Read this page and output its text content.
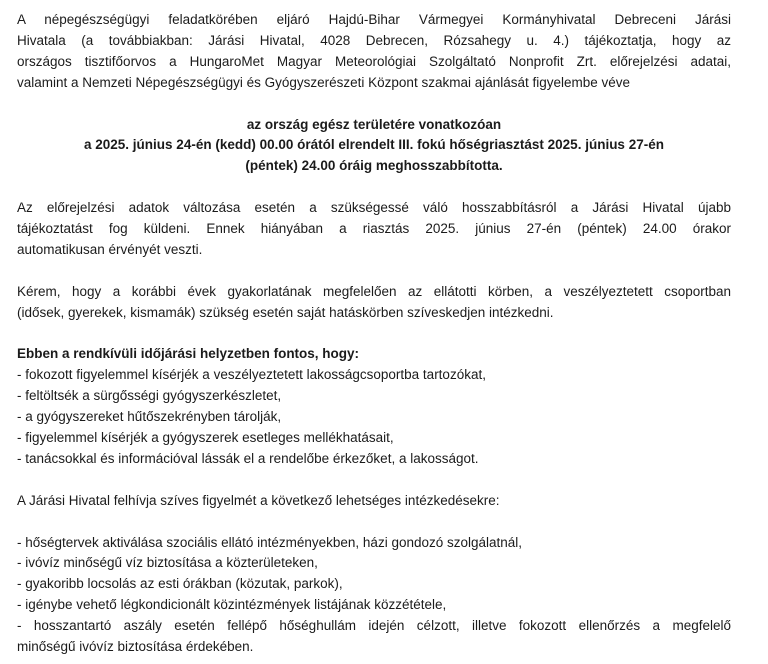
A népegészségügyi feladatkörében eljáró Hajdú-Bihar Vármegyei Kormányhivatal Debreceni Járási
Hivatala (a továbbiakban: Járási Hivatal, 4028 Debrecen, Rózsahegy u. 4.) tájékoztatja, hogy az
országos tisztifőorvos a HungaroMet Magyar Meteorológiai Szolgáltató Nonprofit Zrt. előrejelzési adatai,
valamint a Nemzeti Népegészségügyi és Gyógyszerészeti Központ szakmai ajánlását figyelembe véve
az ország egész területére vonatkozóan
a 2025. június 24-én (kedd) 00.00 órától elrendelt III. fokú hőségriasztást 2025. június 27-én
(péntek) 24.00 óráig meghosszabbította.
Az előrejelzési adatok változása esetén a szükségessé váló hosszabbításról a Járási Hivatal újabb
tájékoztatást fog küldeni. Ennek hiányában a riasztás 2025. június 27-én (péntek) 24.00 órakor
automatikusan érvényét veszti.
Kérem, hogy a korábbi évek gyakorlatának megfelelően az ellátotti körben, a veszélyeztetett csoportban
(idősek, gyerekek, kismamák) szükség esetén saját hatáskörben szíveskedjen intézkedni.
Ebben a rendkívüli időjárási helyzetben fontos, hogy:
- fokozott figyelemmel kísérjék a veszélyeztetett lakosságcsoportba tartozókat,
- feltöltsék a sürgősségi gyógyszerkészletet,
- a gyógyszereket hűtőszekrényben tárolják,
- figyelemmel kísérjék a gyógyszerek esetleges mellékhatásait,
- tanácsokkal és információval lássák el a rendelőbe érkezőket, a lakosságot.
A Járási Hivatal felhívja szíves figyelmét a következő lehetséges intézkedésekre:
- hőségtervek aktiválása szociális ellátó intézményekben, házi gondozó szolgálatnál,
- ivóvíz minőségű víz biztosítása a közterületeken,
- gyakoribb locsolás az esti órákban (közutak, parkok),
- igénybe vehető légkondicionált közintézmények listájának közzététele,
- hosszantartó aszály esetén fellépő hőséghullám idején célzott, illetve fokozott ellenőrzés a megfelelő
minőségű ivóvíz biztosítása érdekében.
